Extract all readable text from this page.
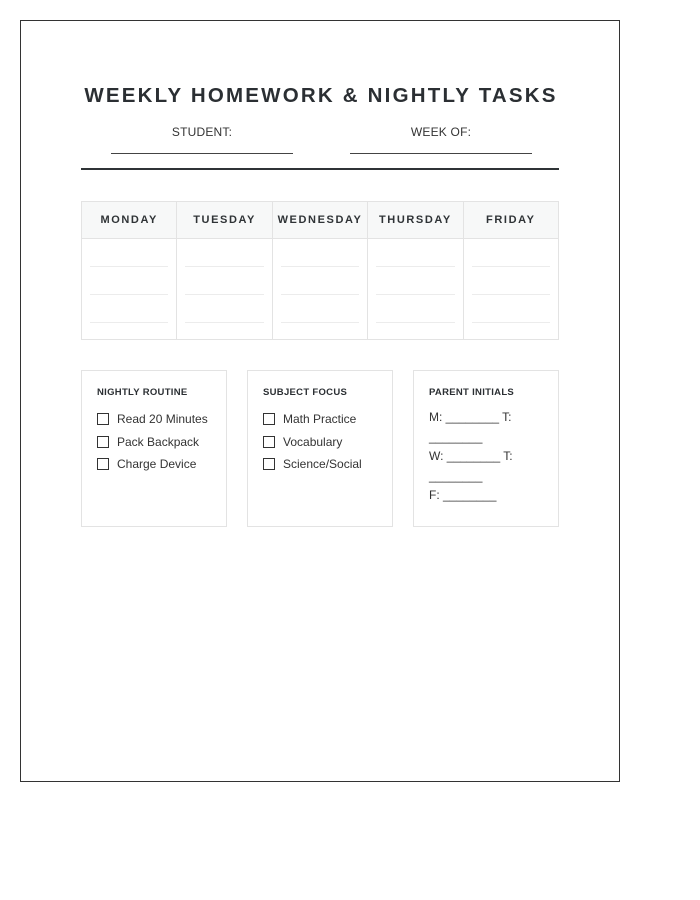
WEEKLY HOMEWORK & NIGHTLY TASKS
STUDENT:	WEEK OF:
MONDAY	TUESDAY	WEDNESDAY	THURSDAY	FRIDAY
NIGHTLY ROUTINE
Read 20 Minutes
Pack Backpack
Charge Device
SUBJECT FOCUS
Math Practice
Vocabulary
Science/Social
PARENT INITIALS
M: ________ T:
________
W: ________ T:
________
F: ________
